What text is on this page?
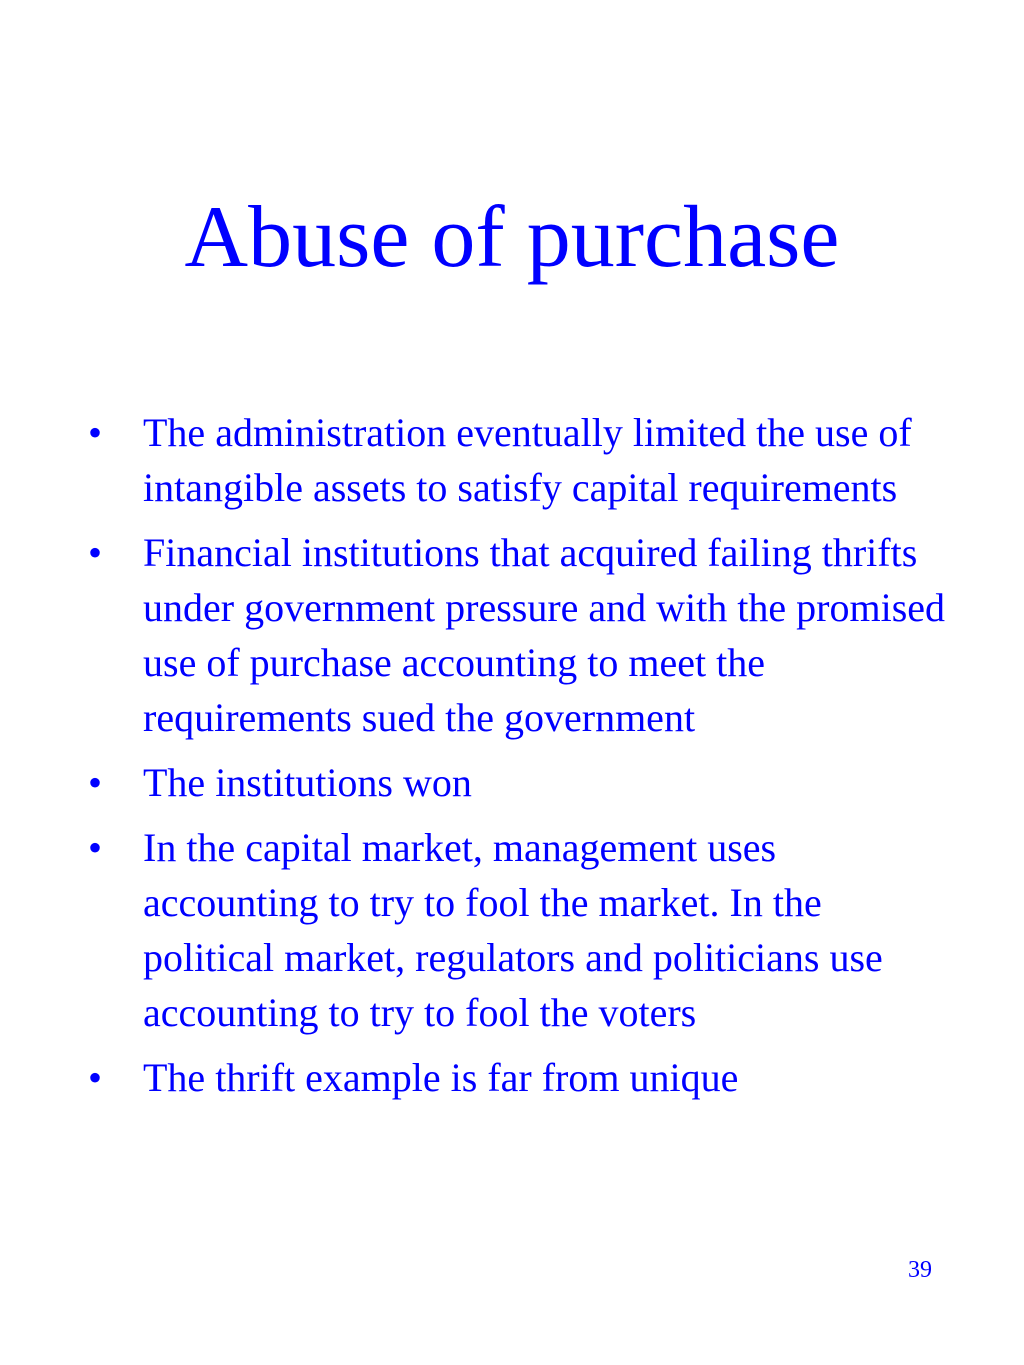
Abuse of purchase
•	The administration eventually limited the use of intangible assets to satisfy capital requirements
•	Financial institutions that acquired failing thrifts under government pressure and with the promised use of purchase accounting to meet the requirements sued the government
•	The institutions won
•	In the capital market, management uses accounting to try to fool the market. In the political market, regulators and politicians use accounting to try to fool the voters
•	The thrift example is far from unique
39
